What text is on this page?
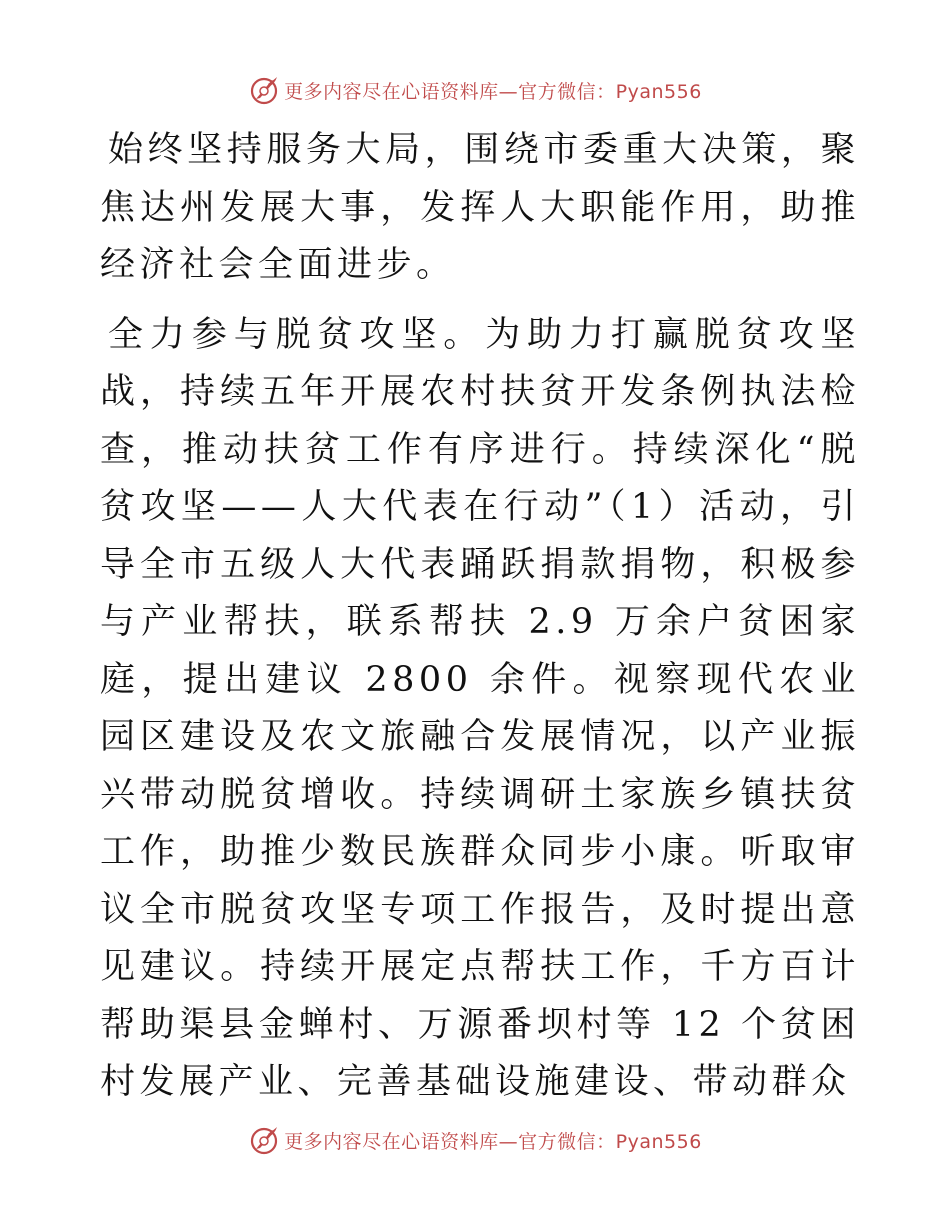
更多内容尽在心语资料库—官方微信：Pyan556

始终坚持服务大局，围绕市委重大决策，聚焦达州发展大事，发挥人大职能作用，助推经济社会全面进步。

全力参与脱贫攻坚。为助力打赢脱贫攻坚战，持续五年开展农村扶贫开发条例执法检查，推动扶贫工作有序进行。持续深化“脱贫攻坚——人大代表在行动”（1）活动，引导全市五级人大代表踊跃捐款捐物，积极参与产业帮扶，联系帮扶 2.9 万余户贫困家庭，提出建议 2800 余件。视察现代农业园区建设及农文旅融合发展情况，以产业振兴带动脱贫增收。持续调研土家族乡镇扶贫工作，助推少数民族群众同步小康。听取审议全市脱贫攻坚专项工作报告，及时提出意见建议。持续开展定点帮扶工作，千方百计帮助渠县金蝉村、万源番坝村等 12 个贫困村发展产业、完善基础设施建设、带动群众

更多内容尽在心语资料库—官方微信：Pyan556
